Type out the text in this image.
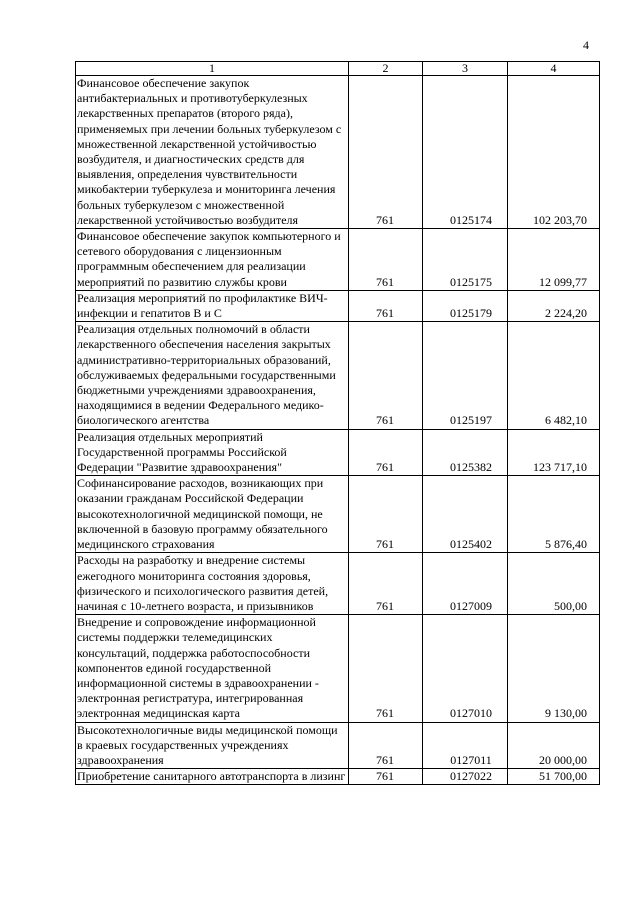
4
1	2	3	4
Финансовое обеспечение закупок антибактериальных и противотуберкулезных лекарственных препаратов (второго ряда), применяемых при лечении больных туберкулезом с множественной лекарственной устойчивостью возбудителя, и диагностических средств для выявления, определения чувствительности микобактерии туберкулеза и мониторинга лечения больных туберкулезом с множественной лекарственной устойчивостью возбудителя	761	0125174	102 203,70
Финансовое обеспечение закупок компьютерного и сетевого оборудования с лицензионным программным обеспечением для реализации мероприятий по развитию службы крови	761	0125175	12 099,77
Реализация мероприятий по профилактике ВИЧ-инфекции и гепатитов В и С	761	0125179	2 224,20
Реализация отдельных полномочий в области лекарственного обеспечения населения закрытых административно-территориальных образований, обслуживаемых федеральными государственными бюджетными учреждениями здравоохранения, находящимися в ведении Федерального медико-биологического агентства	761	0125197	6 482,10
Реализация отдельных мероприятий Государственной программы Российской Федерации "Развитие здравоохранения"	761	0125382	123 717,10
Софинансирование расходов, возникающих при оказании гражданам Российской Федерации высокотехнологичной медицинской помощи, не включенной в базовую программу обязательного медицинского страхования	761	0125402	5 876,40
Расходы на разработку и внедрение системы ежегодного мониторинга состояния здоровья, физического и психологического развития детей, начиная с 10-летнего возраста, и призывников	761	0127009	500,00
Внедрение и сопровождение информационной системы поддержки телемедицинских консультаций, поддержка работоспособности компонентов единой государственной информационной системы в здравоохранении - электронная регистратура, интегрированная электронная медицинская карта	761	0127010	9 130,00
Высокотехнологичные виды медицинской помощи в краевых государственных учреждениях здравоохранения	761	0127011	20 000,00
Приобретение санитарного автотранспорта в лизинг	761	0127022	51 700,00
